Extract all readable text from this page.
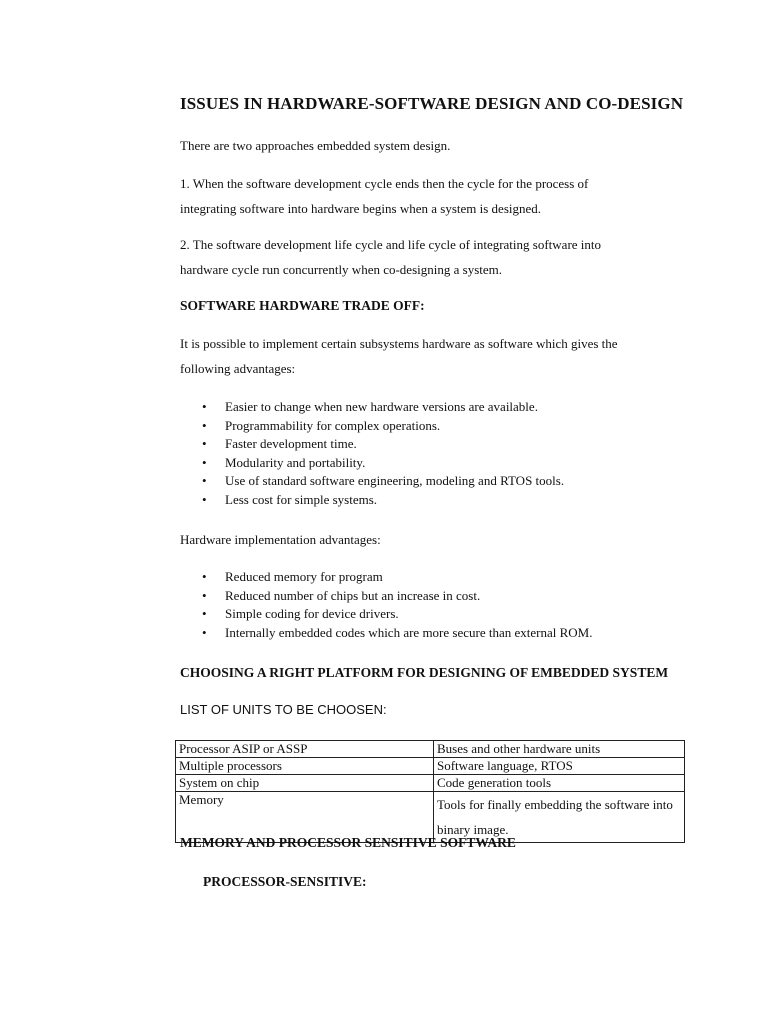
ISSUES IN HARDWARE-SOFTWARE DESIGN AND CO-DESIGN
There are two approaches embedded system design.
1. When the software development cycle ends then the cycle for the process of
integrating software into hardware begins when a system is designed.
2. The software development life cycle and life cycle of integrating software into
hardware cycle run concurrently when co-designing a system.
SOFTWARE HARDWARE TRADE OFF:
It is possible to implement certain subsystems hardware as software which gives the
following advantages:
• Easier to change when new hardware versions are available.
• Programmability for complex operations.
• Faster development time.
• Modularity and portability.
• Use of standard software engineering, modeling and RTOS tools.
• Less cost for simple systems.
Hardware implementation advantages:
• Reduced memory for program
• Reduced number of chips but an increase in cost.
• Simple coding for device drivers.
• Internally embedded codes which are more secure than external ROM.
CHOOSING A RIGHT PLATFORM FOR DESIGNING OF EMBEDDED SYSTEM
LIST OF UNITS TO BE CHOOSEN:
Processor ASIP or ASSP	Buses and other hardware units
Multiple processors	Software language, RTOS
System on chip	Code generation tools
Memory	Tools for finally embedding the software into binary image.
MEMORY AND PROCESSOR SENSITIVE SOFTWARE
PROCESSOR-SENSITIVE:
